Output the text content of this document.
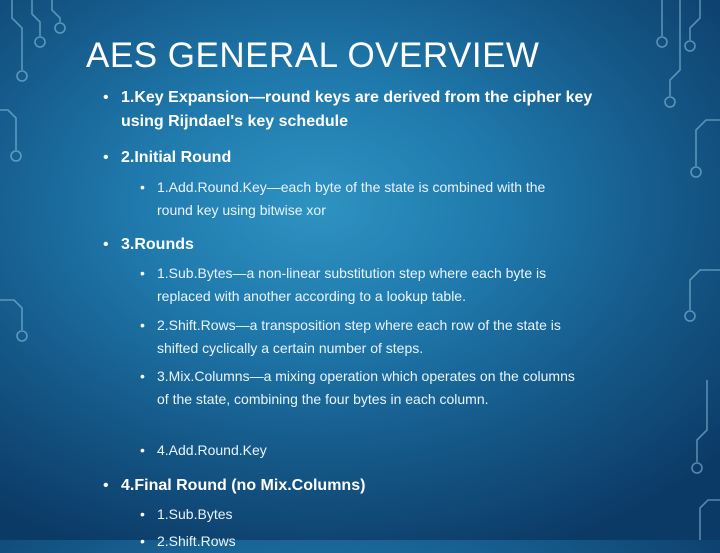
AES GENERAL OVERVIEW
• 1.Key Expansion—round keys are derived from the cipher key using Rijndael's key schedule
• 2.Initial Round
• 1.Add.Round.Key—each byte of the state is combined with the round key using bitwise xor
• 3.Rounds
• 1.Sub.Bytes—a non-linear substitution step where each byte is replaced with another according to a lookup table.
• 2.Shift.Rows—a transposition step where each row of the state is shifted cyclically a certain number of steps.
• 3.Mix.Columns—a mixing operation which operates on the columns of the state, combining the four bytes in each column.
• 4.Add.Round.Key
• 4.Final Round (no Mix.Columns)
• 1.Sub.Bytes
• 2.Shift.Rows
